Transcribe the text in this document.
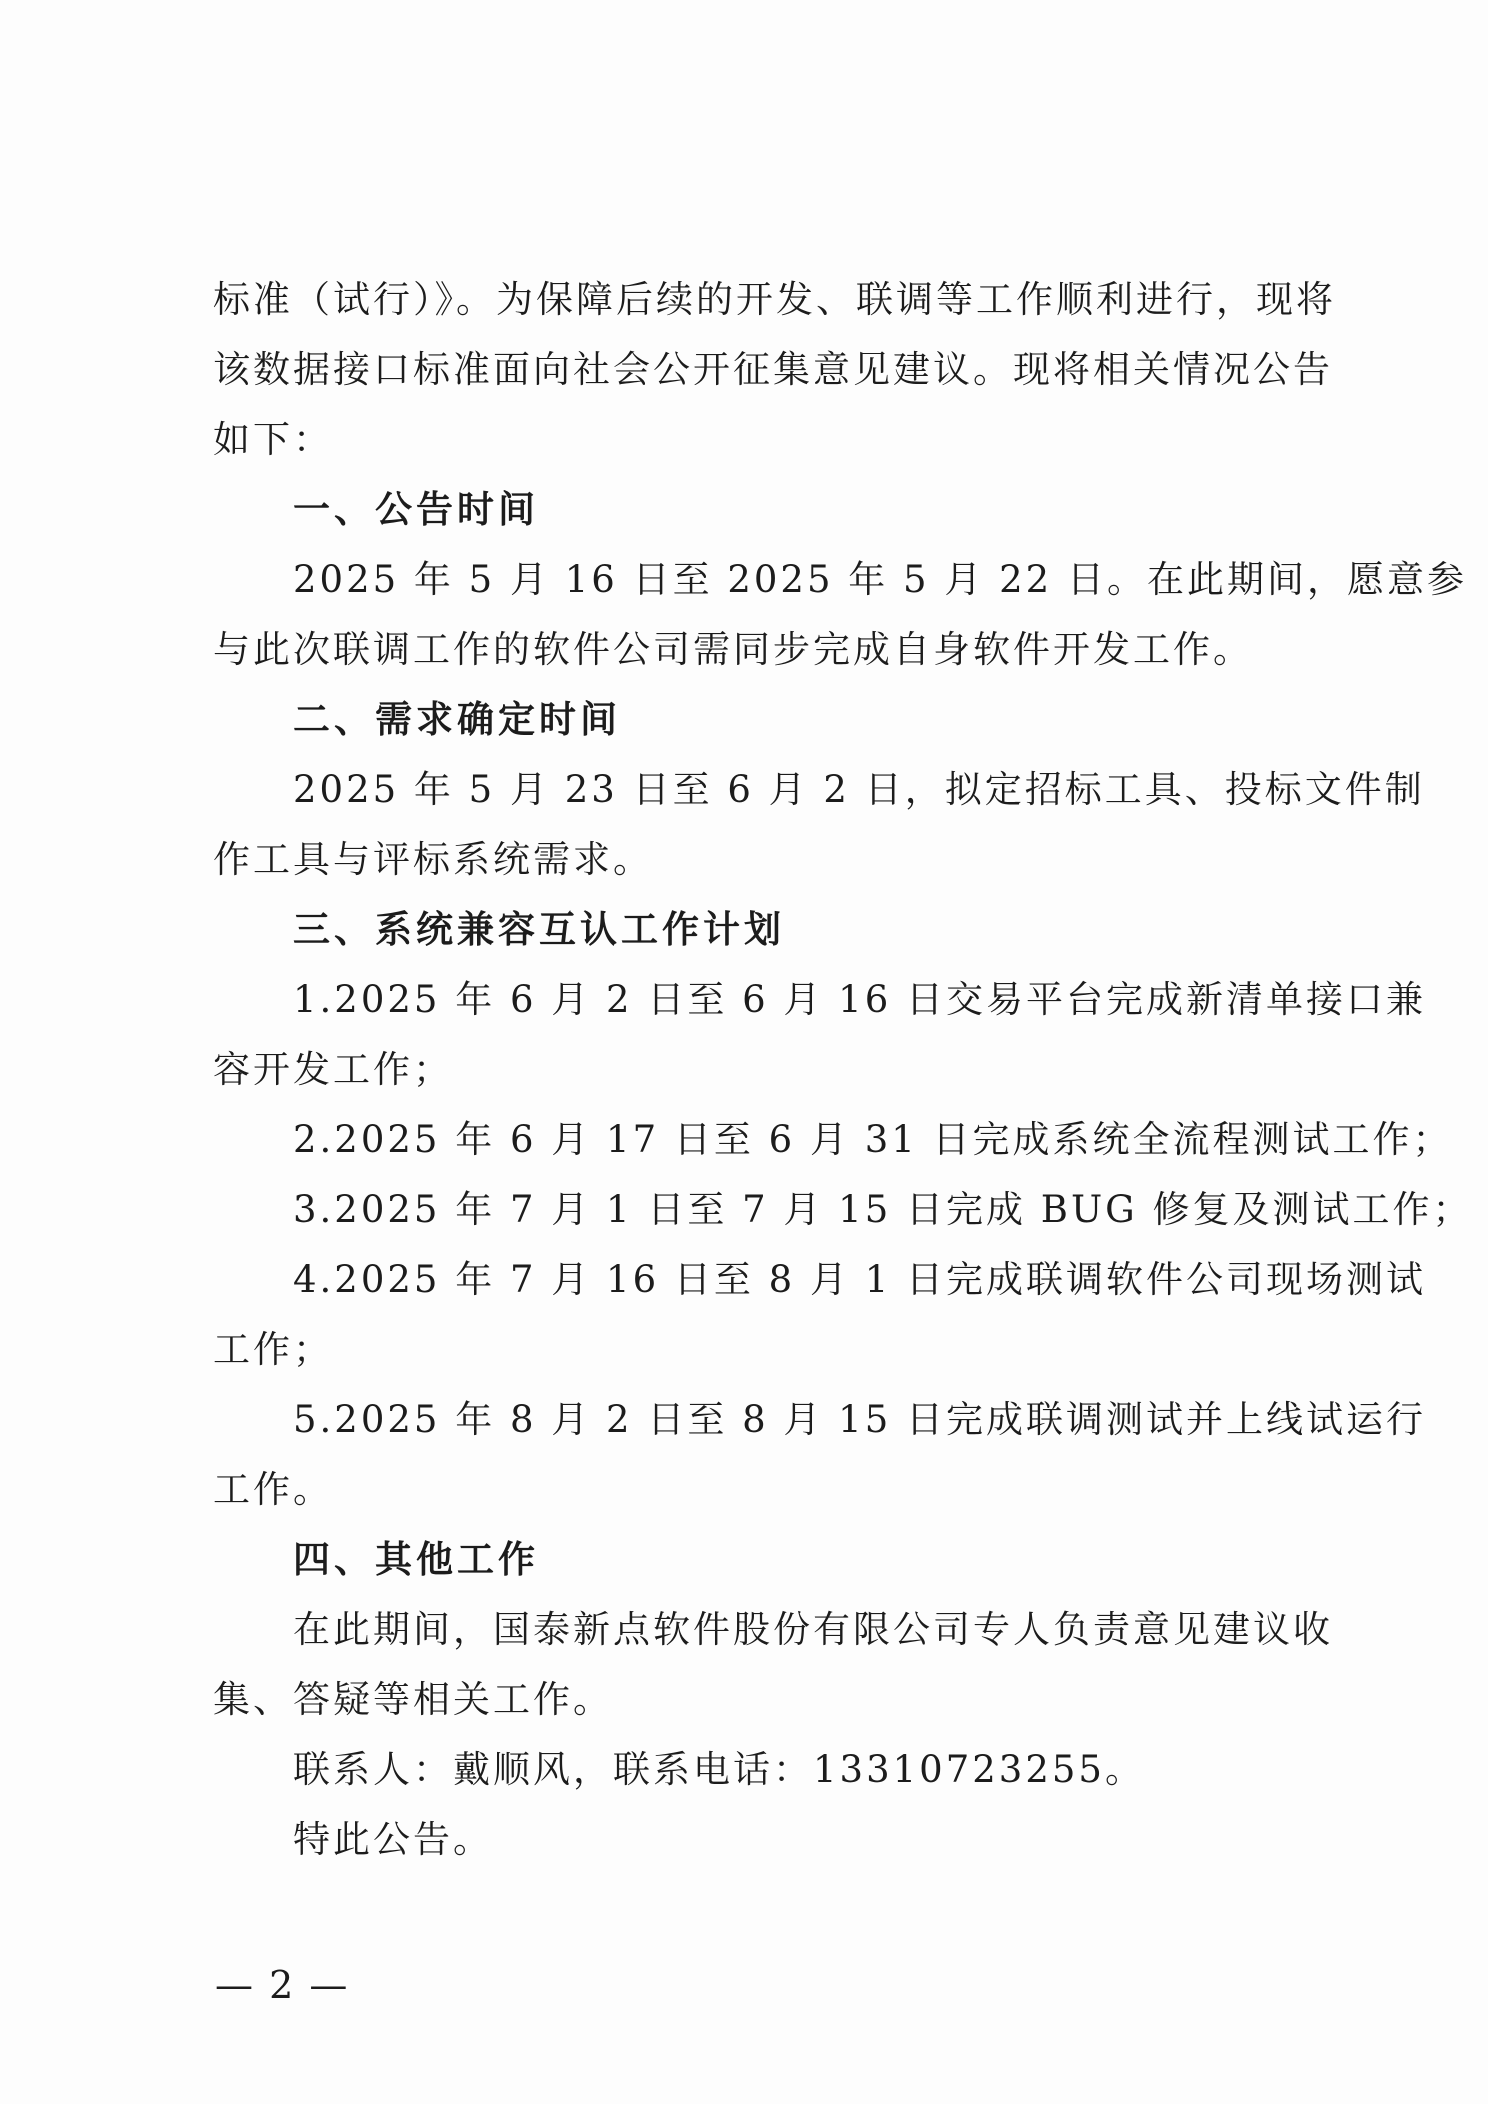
标准（试行）》。为保障后续的开发、联调等工作顺利进行，现将
该数据接口标准面向社会公开征集意见建议。现将相关情况公告
如下：
一、公告时间
2025 年 5 月 16 日至 2025 年 5 月 22 日。在此期间，愿意参
与此次联调工作的软件公司需同步完成自身软件开发工作。
二、需求确定时间
2025 年 5 月 23 日至 6 月 2 日，拟定招标工具、投标文件制
作工具与评标系统需求。
三、系统兼容互认工作计划
1.2025 年 6 月 2 日至 6 月 16 日交易平台完成新清单接口兼
容开发工作；
2.2025 年 6 月 17 日至 6 月 31 日完成系统全流程测试工作；
3.2025 年 7 月 1 日至 7 月 15 日完成 BUG 修复及测试工作；
4.2025 年 7 月 16 日至 8 月 1 日完成联调软件公司现场测试
工作；
5.2025 年 8 月 2 日至 8 月 15 日完成联调测试并上线试运行
工作。
四、其他工作
在此期间，国泰新点软件股份有限公司专人负责意见建议收
集、答疑等相关工作。
联系人：戴顺风，联系电话：13310723255。
特此公告。
— 2 —
